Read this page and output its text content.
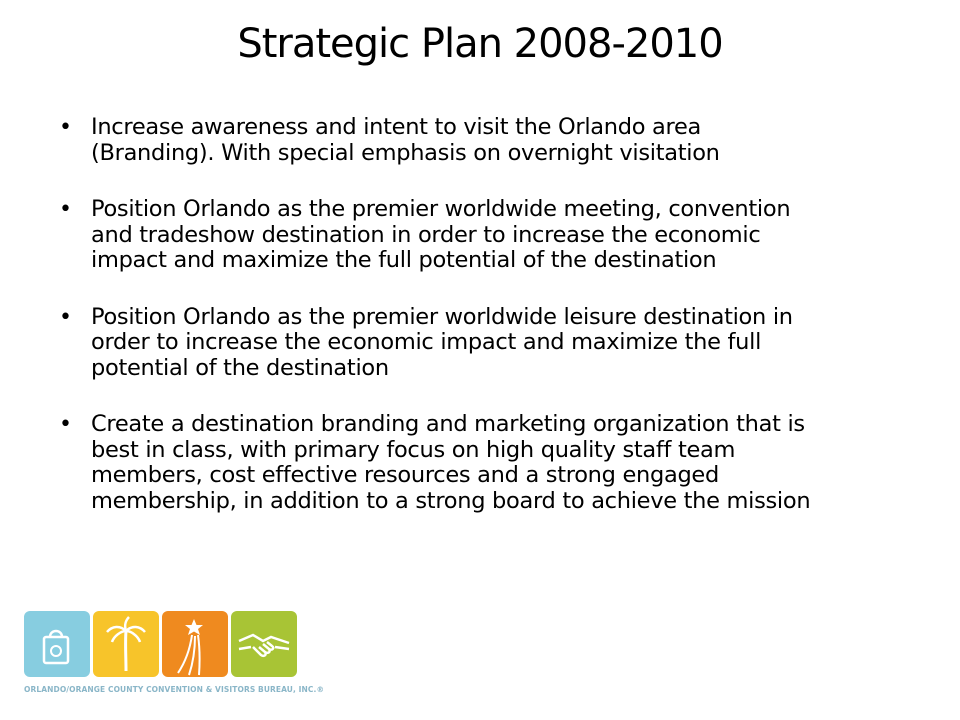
Strategic Plan 2008-2010
• Increase awareness and intent to visit the Orlando area
(Branding). With special emphasis on overnight visitation
• Position Orlando as the premier worldwide meeting, convention
and tradeshow destination in order to increase the economic
impact and maximize the full potential of the destination
• Position Orlando as the premier worldwide leisure destination in
order to increase the economic impact and maximize the full
potential of the destination
• Create a destination branding and marketing organization that is
best in class, with primary focus on high quality staff team
members, cost effective resources and a strong engaged
membership, in addition to a strong board to achieve the mission
ORLANDO/ORANGE COUNTY CONVENTION & VISITORS BUREAU, INC.®
